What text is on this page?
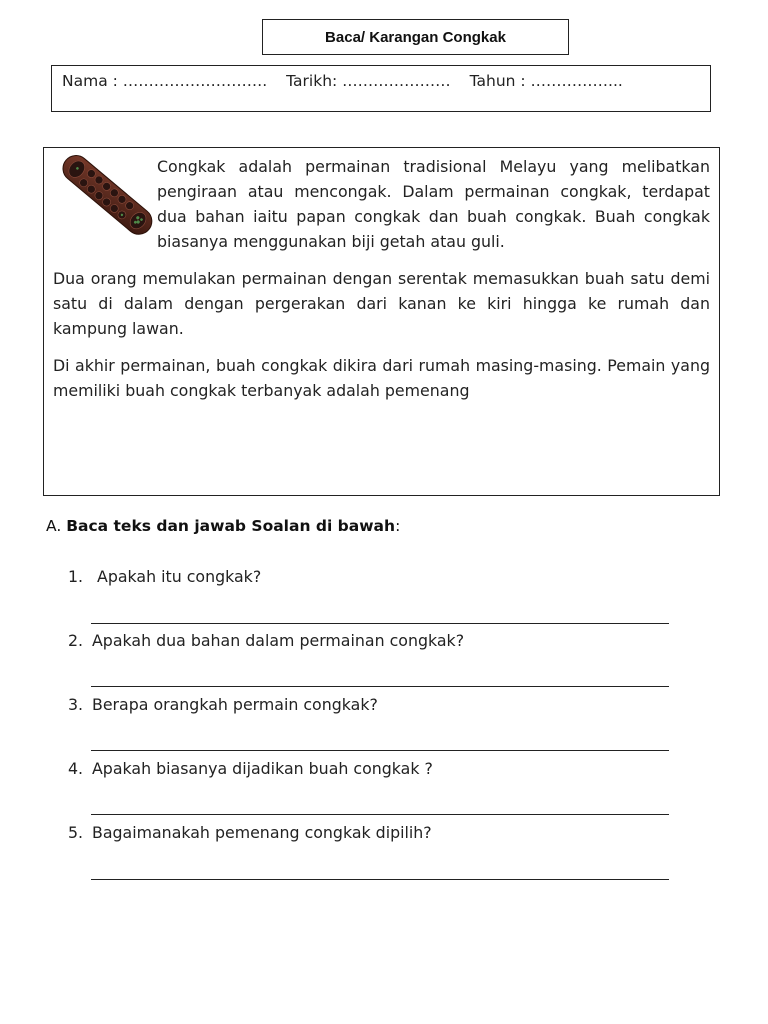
Baca/ Karangan Congkak
Nama : ………………………. Tarikh: ………………… Tahun : ……………...

Congkak adalah permainan tradisional Melayu yang melibatkan pengiraan atau mencongak. Dalam permainan congkak, terdapat dua bahan iaitu papan congkak dan buah congkak. Buah congkak biasanya menggunakan biji getah atau guli.

Dua orang memulakan permainan dengan serentak memasukkan buah satu demi satu di dalam dengan pergerakan dari kanan ke kiri hingga ke rumah dan kampung lawan.

Di akhir permainan, buah congkak dikira dari rumah masing-masing. Pemain yang memiliki buah congkak terbanyak adalah pemenang

A. Baca teks dan jawab Soalan di bawah:
1. Apakah itu congkak?
2. Apakah dua bahan dalam permainan congkak?
3. Berapa orangkah permain congkak?
4. Apakah biasanya dijadikan buah congkak ?
5. Bagaimanakah pemenang congkak dipilih?
